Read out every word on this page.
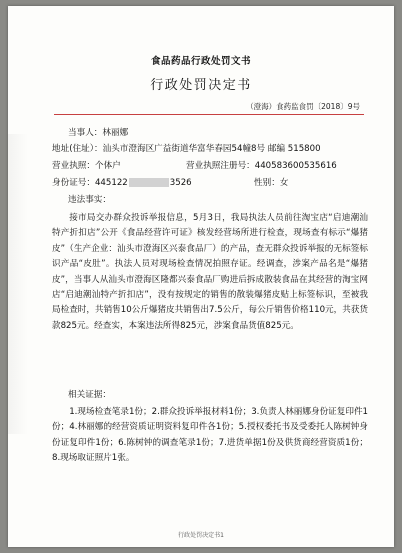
食品药品行政处罚文书
行政处罚决定书
（澄海）食药监食罚〔2018〕9号
当事人：林丽娜
地址(住址）：汕头市澄海区广益街道华富华春园54幢8号 邮编 515800
营业执照：个体户	营业执照注册号：440583600535616
身份证号：445122	3526	性别：女
违法事实：

接市局交办群众投诉举报信息，5月3日，我局执法人员前往淘宝店“启迪潮汕特产折扣店”公开《食品经营许可证》核发经营场所进行检查，现场查有标示“爆猪皮”（生产企业：汕头市澄海区兴泰食品厂）的产品，查无群众投诉举报的无标签标识产品“皮肚”。执法人员对现场检查情况拍照存证。经调查，涉案产品名是“爆猪皮”，当事人从汕头市澄海区隆都兴泰食品厂购进后拆成散装食品在其经营的淘宝网店“启迪潮汕特产折扣店”，没有按规定的销售的散装爆猪皮贴上标签标识，至被我局检查时，共销售10公斤爆猪皮共销售出7.5公斤，每公斤销售价格110元，共获货款825元。经查实，本案违法所得825元，涉案食品货值825元。

相关证据：

1.现场检查笔录1份；2.群众投诉举报材料1份；3.负责人林丽娜身份证复印件1份；4.林丽娜的经营资质证明资料复印件各1份；5.授权委托书及受委托人陈树钟身份证复印件1份；6.陈树钟的调查笔录1份；7.进货单据1份及供货商经营资质1份；8.现场取证照片1张。

行政处罚决定书1
